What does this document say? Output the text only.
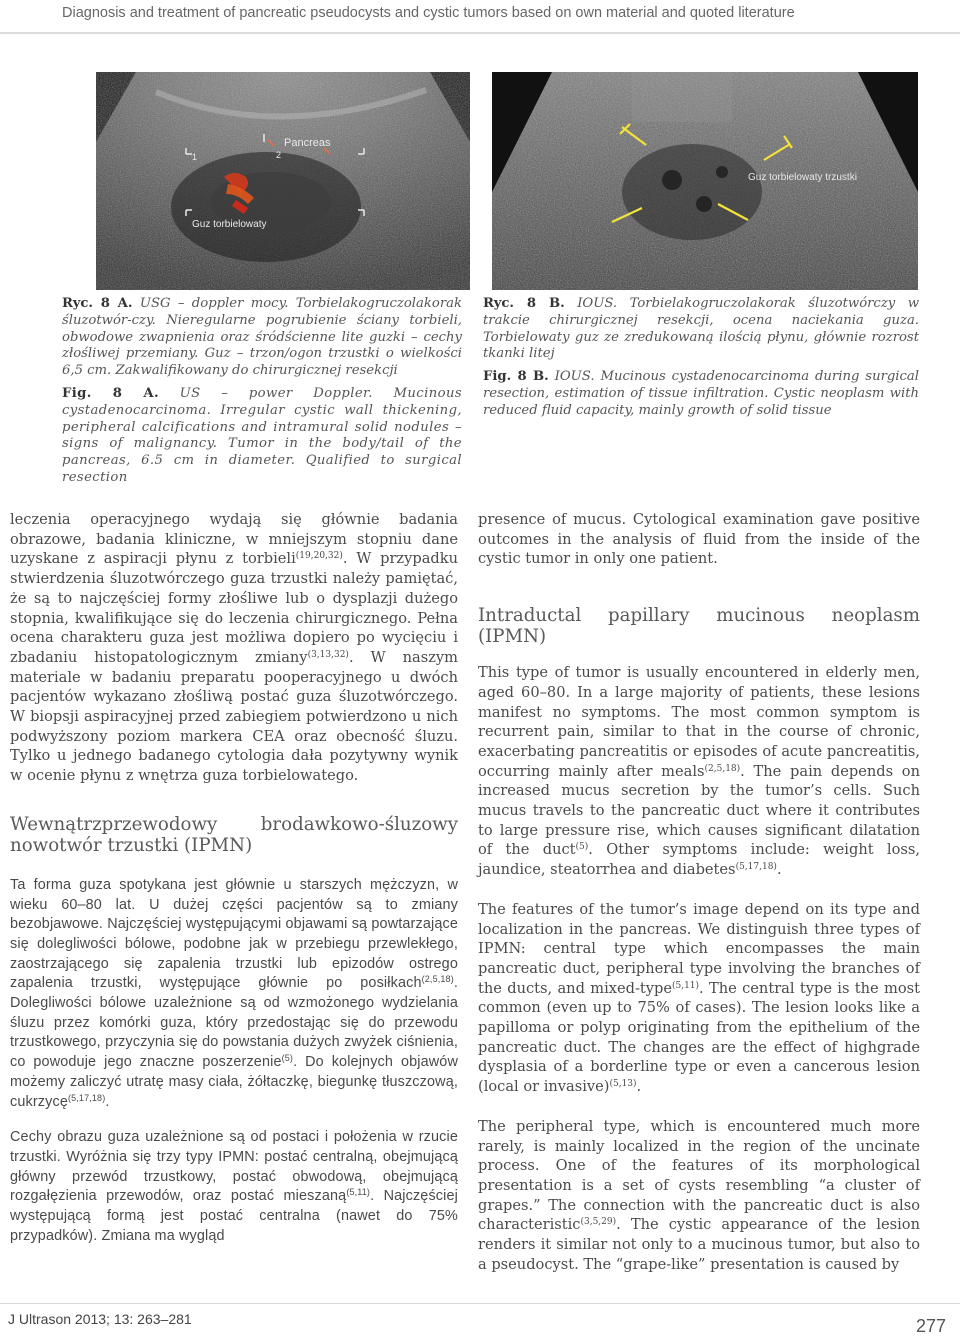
Diagnosis and treatment of pancreatic pseudocysts and cystic tumors based on own material and quoted literature
Pancreas
Guz torbielowaty
1	2
Guz torbielowaty trzustki

Ryc. 8 A. USG – doppler mocy. Torbielakogruczolakorak śluzotwór-czy. Nieregularne pogrubienie ściany torbieli, obwodowe zwapnienia oraz śródścienne lite guzki – cechy złośliwej przemiany. Guz – trzon/ogon trzustki o wielkości 6,5 cm. Zakwalifikowany do chirurgicznej resekcji

Fig. 8 A. US – power Doppler. Mucinous cystadenocarcinoma. Irregular cystic wall thickening, peripheral calcifications and intramural solid nodules – signs of malignancy. Tumor in the body/tail of the pancreas, 6.5 cm in diameter. Qualified to surgical resection

Ryc. 8 B. IOUS. Torbielakogruczolakorak śluzotwórczy w trakcie chirurgicznej resekcji, ocena naciekania guza. Torbielowaty guz ze zredukowaną ilością płynu, głównie rozrost tkanki litej

Fig. 8 B. IOUS. Mucinous cystadenocarcinoma during surgical resection, estimation of tissue infiltration. Cystic neoplasm with reduced fluid capacity, mainly growth of solid tissue

leczenia operacyjnego wydają się głównie badania obrazowe, badania kliniczne, w mniejszym stopniu dane uzyskane z aspiracji płynu z torbieli$^{(19,20,32)}$. W przypadku stwierdzenia śluzotwórczego guza trzustki należy pamiętać, że są to najczęściej formy złośliwe lub o dysplazji dużego stopnia, kwalifikujące się do leczenia chirurgicznego. Pełna ocena charakteru guza jest możliwa dopiero po wycięciu i zbadaniu histopatologicznym zmiany$^{(3,13,32)}$. W naszym materiale w badaniu preparatu pooperacyjnego u dwóch pacjentów wykazano złośliwą postać guza śluzotwórczego. W biopsji aspiracyjnej przed zabiegiem potwierdzono u nich podwyższony poziom markera CEA oraz obecność śluzu. Tylko u jednego badanego cytologia dała pozytywny wynik w ocenie płynu z wnętrza guza torbielowatego.

Wewnątrzprzewodowy brodawkowo-śluzowy nowotwór trzustki (IPMN)

Ta forma guza spotykana jest głównie u starszych mężczyzn, w wieku 60–80 lat. U dużej części pacjentów są to zmiany bezobjawowe. Najczęściej występującymi objawami są powtarzające się dolegliwości bólowe, podobne jak w przebiegu przewlekłego, zaostrzającego się zapalenia trzustki lub epizodów ostrego zapalenia trzustki, występujące głównie po posiłkach$^{(2,5,18)}$. Dolegliwości bólowe uzależnione są od wzmożonego wydzielania śluzu przez komórki guza, który przedostając się do przewodu trzustkowego, przyczynia się do powstania dużych zwyżek ciśnienia, co powoduje jego znaczne poszerzenie$^{(5)}$. Do kolejnych objawów możemy zaliczyć utratę masy ciała, żółtaczkę, biegunkę tłuszczową, cukrzycę$^{(5,17,18)}$.

Cechy obrazu guza uzależnione są od postaci i położenia w rzucie trzustki. Wyróżnia się trzy typy IPMN: postać centralną, obejmującą główny przewód trzustkowy, postać obwodową, obejmującą rozgałęzienia przewodów, oraz postać mieszaną$^{(5,11)}$. Najczęściej występującą formą jest postać centralna (nawet do 75% przypadków). Zmiana ma wygląd

presence of mucus. Cytological examination gave positive outcomes in the analysis of fluid from the inside of the cystic tumor in only one patient.

Intraductal papillary mucinous neoplasm (IPMN)

This type of tumor is usually encountered in elderly men, aged 60–80. In a large majority of patients, these lesions manifest no symptoms. The most common symptom is recurrent pain, similar to that in the course of chronic, exacerbating pancreatitis or episodes of acute pancreatitis, occurring mainly after meals$^{(2,5,18)}$. The pain depends on increased mucus secretion by the tumor’s cells. Such mucus travels to the pancreatic duct where it contributes to large pressure rise, which causes significant dilatation of the duct$^{(5)}$. Other symptoms include: weight loss, jaundice, steatorrhea and diabetes$^{(5,17,18)}$.

The features of the tumor’s image depend on its type and localization in the pancreas. We distinguish three types of IPMN: central type which encompasses the main pancreatic duct, peripheral type involving the branches of the ducts, and mixed-type$^{(5,11)}$. The central type is the most common (even up to 75% of cases). The lesion looks like a papilloma or polyp originating from the epithelium of the pancreatic duct. The changes are the effect of highgrade dysplasia of a borderline type or even a cancerous lesion (local or invasive)$^{(5,13)}$.

The peripheral type, which is encountered much more rarely, is mainly localized in the region of the uncinate process. One of the features of its morphological presentation is a set of cysts resembling “a cluster of grapes.” The connection with the pancreatic duct is also characteristic$^{(3,5,29)}$. The cystic appearance of the lesion renders it similar not only to a mucinous tumor, but also to a pseudocyst. The “grape-like” presentation is caused by

J Ultrason 2013; 13: 263–281	277
